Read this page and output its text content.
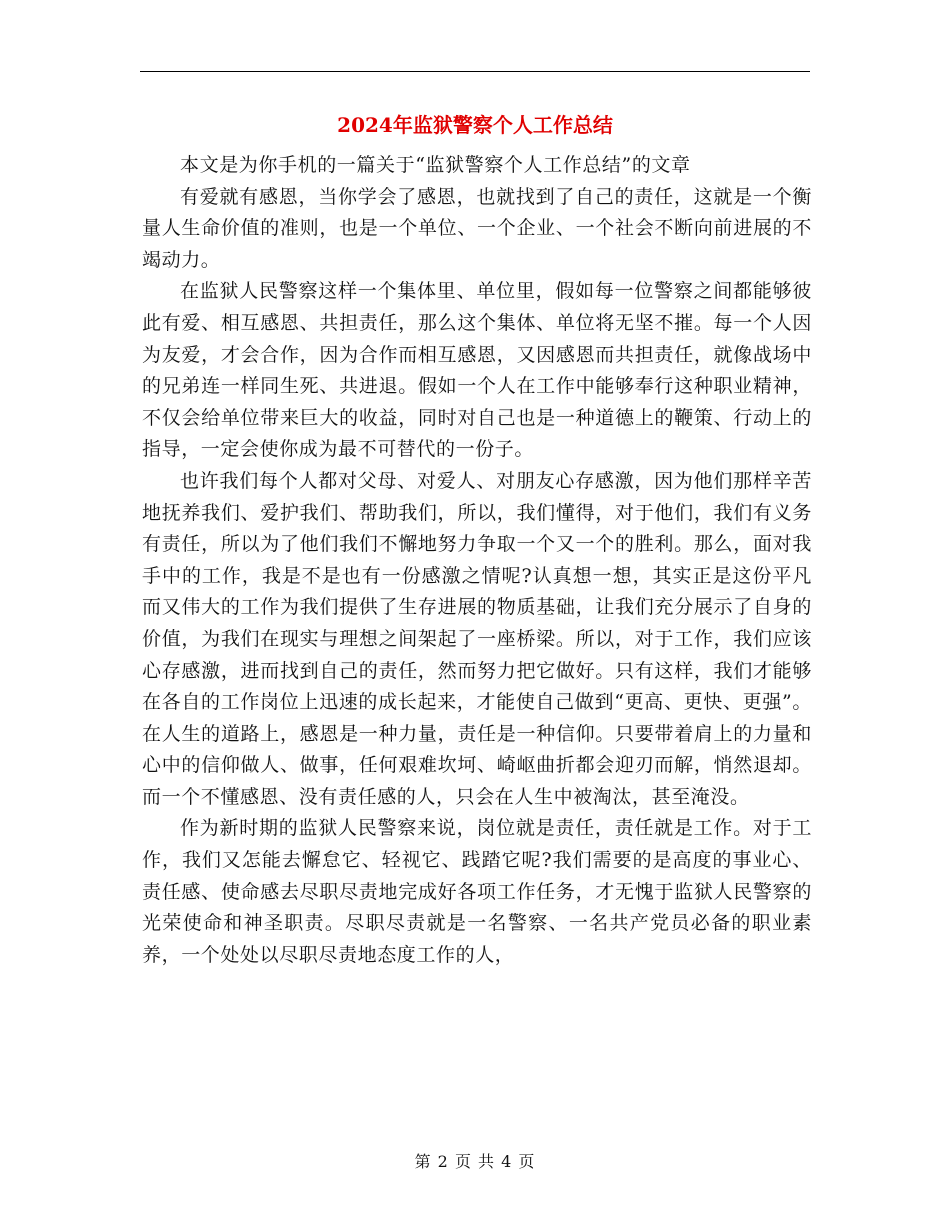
2024年监狱警察个人工作总结

本文是为你手机的一篇关于“监狱警察个人工作总结”的文章

有爱就有感恩，当你学会了感恩，也就找到了自己的责任，这就是一个衡量人生命价值的准则，也是一个单位、一个企业、一个社会不断向前进展的不竭动力。

在监狱人民警察这样一个集体里、单位里，假如每一位警察之间都能够彼此有爱、相互感恩、共担责任，那么这个集体、单位将无坚不摧。每一个人因为友爱，才会合作，因为合作而相互感恩，又因感恩而共担责任，就像战场中的兄弟连一样同生死、共进退。假如一个人在工作中能够奉行这种职业精神，不仅会给单位带来巨大的收益，同时对自己也是一种道德上的鞭策、行动上的指导，一定会使你成为最不可替代的一份子。

也许我们每个人都对父母、对爱人、对朋友心存感激，因为他们那样辛苦地抚养我们、爱护我们、帮助我们，所以，我们懂得，对于他们，我们有义务有责任，所以为了他们我们不懈地努力争取一个又一个的胜利。那么，面对我手中的工作，我是不是也有一份感激之情呢?认真想一想，其实正是这份平凡而又伟大的工作为我们提供了生存进展的物质基础，让我们充分展示了自身的价值，为我们在现实与理想之间架起了一座桥梁。所以，对于工作，我们应该心存感激，进而找到自己的责任，然而努力把它做好。只有这样，我们才能够在各自的工作岗位上迅速的成长起来，才能使自己做到“更高、更快、更强”。 在人生的道路上，感恩是一种力量，责任是一种信仰。只要带着肩上的力量和心中的信仰做人、做事，任何艰难坎坷、崎岖曲折都会迎刃而解，悄然退却。而一个不懂感恩、没有责任感的人，只会在人生中被淘汰，甚至淹没。

作为新时期的监狱人民警察来说，岗位就是责任，责任就是工作。对于工作，我们又怎能去懈怠它、轻视它、践踏它呢?我们需要的是高度的事业心、责任感、使命感去尽职尽责地完成好各项工作任务，才无愧于监狱人民警察的光荣使命和神圣职责。尽职尽责就是一名警察、一名共产党员必备的职业素养，一个处处以尽职尽责地态度工作的人，

第 2 页 共 4 页
